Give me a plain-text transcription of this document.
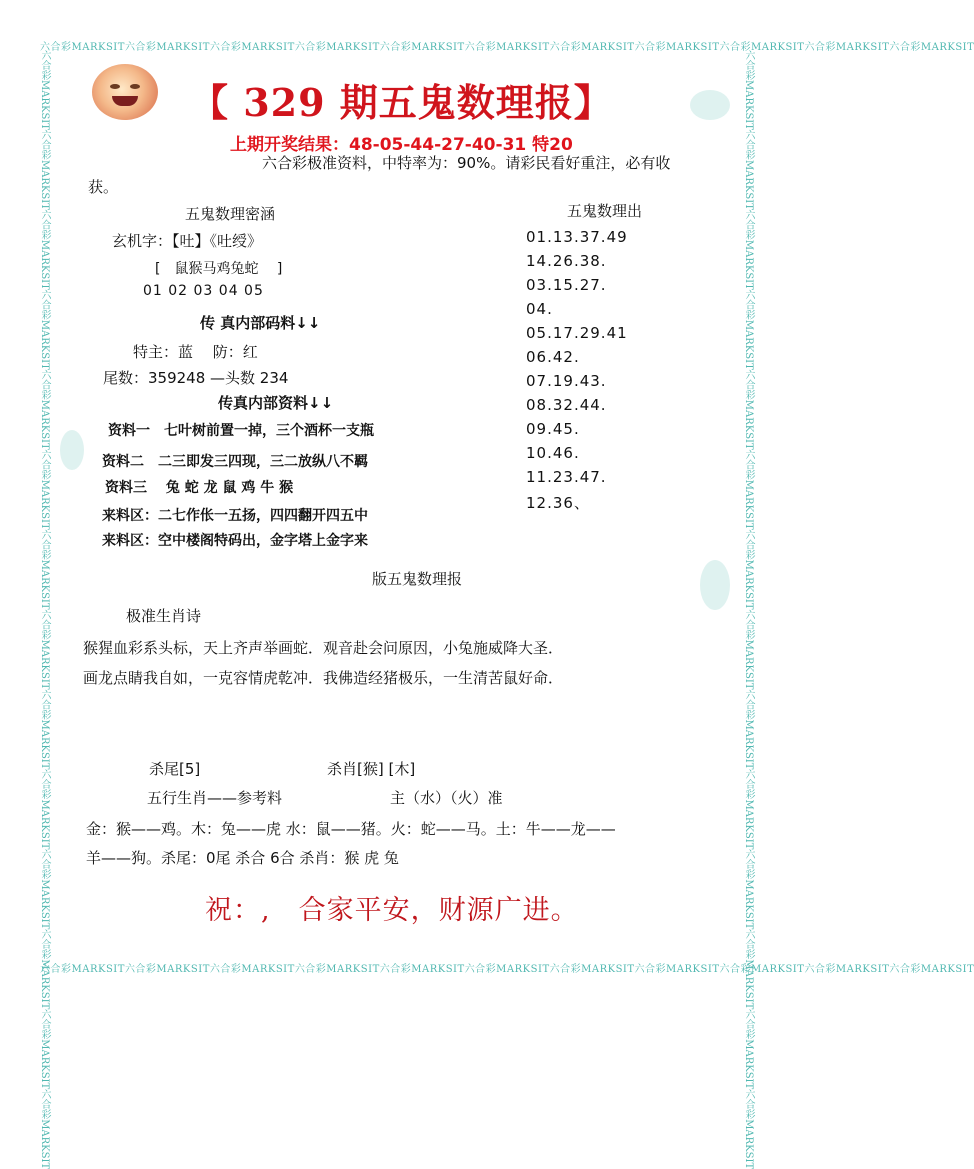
六合彩MARKSIT六合彩MARKSIT六合彩MARKSIT六合彩MARKSIT六合彩MARKSIT六合彩MARKSIT六合彩MARKSIT六合彩MARKSIT六合彩MARKSIT六合彩MARKSIT六合彩MARKSIT
六合彩MARKSIT六合彩MARKSIT六合彩MARKSIT六合彩MARKSIT六合彩MARKSIT六合彩MARKSIT六合彩MARKSIT六合彩MARKSIT六合彩MARKSIT六合彩MARKSIT六合彩MARKSIT
六合彩MARKSIT六合彩MARKSIT六合彩MARKSIT六合彩MARKSIT六合彩MARKSIT六合彩MARKSIT六合彩MARKSIT六合彩MARKSIT六合彩MARKSIT六合彩MARKSIT六合彩MARKSIT六合彩MARKSIT六合彩MARKSIT六合彩MARKSIT
六合彩MARKSIT六合彩MARKSIT六合彩MARKSIT六合彩MARKSIT六合彩MARKSIT六合彩MARKSIT六合彩MARKSIT六合彩MARKSIT六合彩MARKSIT六合彩MARKSIT六合彩MARKSIT六合彩MARKSIT六合彩MARKSIT六合彩MARKSIT
【 329 期五鬼数理报】
上期开奖结果：48-05-44-27-40-31 特20
六合彩极准资料，中特率为：90%。请彩民看好重注，必有收
获。
五鬼数理密涵
玄机字：【吐】《吐绶》
[　鼠猴马鸡兔蛇　 ]
01 02 03 04 05
传 真内部码料↓↓
特主：蓝　 防：红
尾数：359248 —头数 234
传真内部资料↓↓
资料一　七叶树前置一掉，三个酒杯一支瓶
资料二　二三即发三四现，三二放纵八不羁
资料三　 兔 蛇 龙 鼠 鸡 牛 猴
来料区：二七作伥一五扬，四四翻开四五中
来料区：空中楼阁特码出，金字塔上金字来
五鬼数理出
01.13.37.49
14.26.38.
03.15.27.
04.
05.17.29.41
06.42.
07.19.43.
08.32.44.
09.45.
10.46.
11.23.47.
12.36、
版五鬼数理报
极准生肖诗
猴猩血彩系头标，天上齐声举画蛇．观音赴会问原因，小兔施威降大圣．
画龙点睛我自如，一克容情虎乾冲．我佛造经猪极乐，一生清苦鼠好命．
杀尾[5]	杀肖[猴] [木]
五行生肖——参考料	主（水）（火）准
金：猴——鸡。木：兔——虎 水：鼠——猪。火：蛇——马。土：牛——龙——
羊——狗。杀尾：0尾 杀合 6合 杀肖：猴 虎 兔
祝：,　合家平安，财源广进。
